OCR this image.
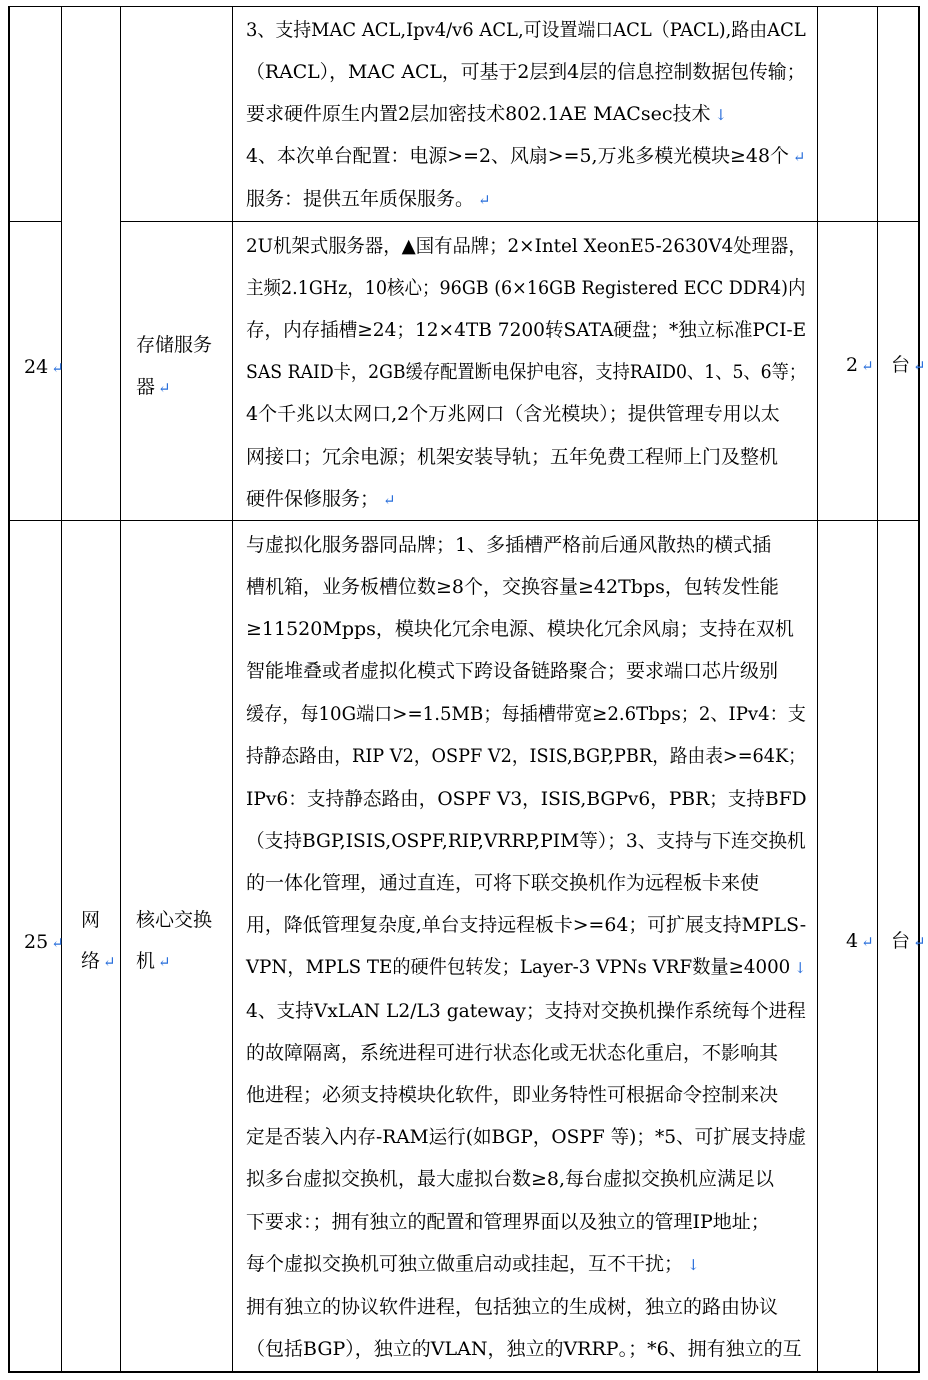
3、支持MAC ACL,Ipv4/v6 ACL,可设置端口ACL（PACL),路由ACL
（RACL），MAC ACL，可基于2层到4层的信息控制数据包传输；
要求硬件原生内置2层加密技术802.1AE MACsec技术 ↓
4、本次单台配置：电源>=2、风扇>=5,万兆多模光模块≥48个 ↵
服务：提供五年质保服务。 ↵
24 ↵
存储服务
器 ↵
2U机架式服务器，▲国有品牌；2×Intel XeonE5-2630V4处理器，
主频2.1GHz，10核心；96GB (6×16GB Registered ECC DDR4)内
存，内存插槽≥24；12×4TB 7200转SATA硬盘；*独立标准PCI-E
SAS RAID卡，2GB缓存配置断电保护电容，支持RAID0、1、5、6等；
4个千兆以太网口,2个万兆网口（含光模块）；提供管理专用以太
网接口；冗余电源；机架安装导轨；五年免费工程师上门及整机
硬件保修服务； ↵
2 ↵ 台 ↵
25 ↵
网
络 ↵
核心交换
机 ↵
与虚拟化服务器同品牌；1、多插槽严格前后通风散热的横式插
槽机箱，业务板槽位数≥8个，交换容量≥42Tbps，包转发性能
≥11520Mpps，模块化冗余电源、模块化冗余风扇；支持在双机
智能堆叠或者虚拟化模式下跨设备链路聚合；要求端口芯片级别
缓存，每10G端口>=1.5MB；每插槽带宽≥2.6Tbps；2、IPv4：支
持静态路由，RIP V2，OSPF V2，ISIS,BGP,PBR，路由表>=64K；
IPv6：支持静态路由，OSPF V3，ISIS,BGPv6，PBR；支持BFD
（支持BGP,ISIS,OSPF,RIP,VRRP,PIM等）；3、支持与下连交换机
的一体化管理，通过直连，可将下联交换机作为远程板卡来使
用，降低管理复杂度,单台支持远程板卡>=64；可扩展支持MPLS-
VPN，MPLS TE的硬件包转发；Layer-3 VPNs VRF数量≥4000 ↓
4、支持VxLAN L2/L3 gateway；支持对交换机操作系统每个进程
的故障隔离，系统进程可进行状态化或无状态化重启，不影响其
他进程；必须支持模块化软件，即业务特性可根据命令控制来决
定是否装入内存-RAM运行(如BGP，OSPF 等)；*5、可扩展支持虚
拟多台虚拟交换机，最大虚拟台数≥8,每台虚拟交换机应满足以
下要求：；拥有独立的配置和管理界面以及独立的管理IP地址；
每个虚拟交换机可独立做重启动或挂起，互不干扰； ↓
拥有独立的协议软件进程，包括独立的生成树，独立的路由协议
（包括BGP），独立的VLAN，独立的VRRP。；*6、拥有独立的互
4 ↵ 台 ↵
